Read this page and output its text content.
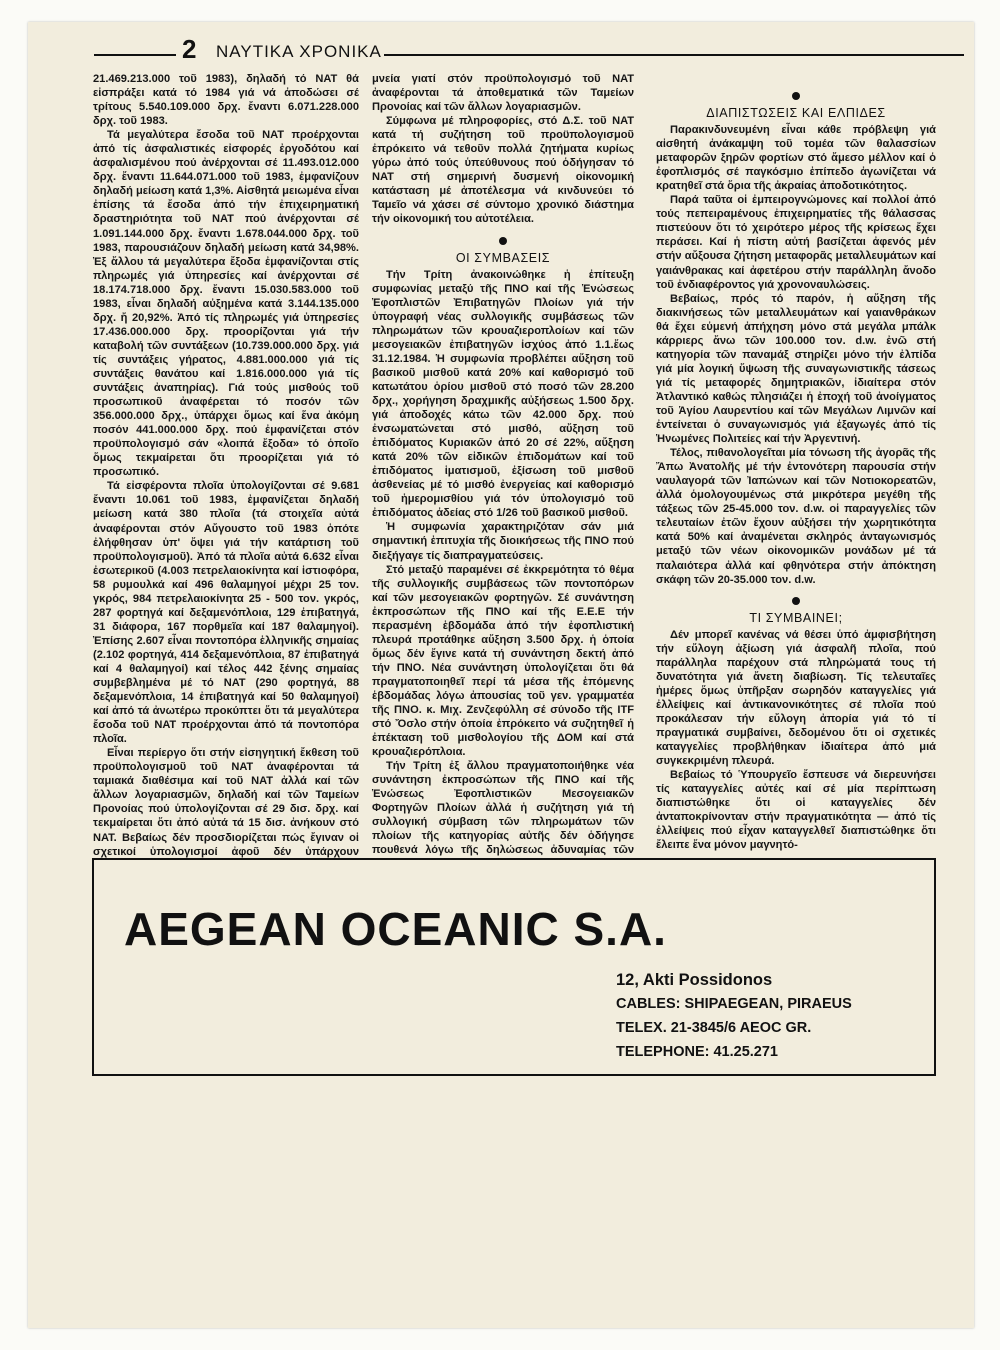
2 ΝΑΥΤΙΚΑ ΧΡΟΝΙΚΑ

21.469.213.000 τοῦ 1983), δηλαδή τό ΝΑΤ θά εἰσπράξει κατά τό 1984 γιά νά ἀποδώσει σέ τρίτους 5.540.109.000 δρχ. ἔναντι 6.071.228.000 δρχ. τοῦ 1983.

Τά μεγαλύτερα ἔσοδα τοῦ ΝΑΤ προέρχονται ἀπό τίς ἀσφαλιστικές εἰσφορές ἐργοδότου καί ἀσφαλισμένου πού ἀνέρχονται σέ 11.493.012.000 δρχ. ἔναντι 11.644.071.000 τοῦ 1983, ἐμφανίζουν δηλαδή μείωση κατά 1,3%. Αἰσθητά μειωμένα εἶναι ἐπίσης τά ἔσοδα ἀπό τήν ἐπιχειρηματική δραστηριότητα τοῦ ΝΑΤ πού ἀνέρχονται σέ 1.091.144.000 δρχ. ἔναντι 1.678.044.000 δρχ. τοῦ 1983, παρουσιάζουν δηλαδή μείωση κατά 34,98%. Ἐξ ἄλλου τά μεγαλύτερα ἔξοδα ἐμφανίζονται στίς πληρωμές γιά ὑπηρεσίες καί ἀνέρχονται σέ 18.174.718.000 δρχ. ἔναντι 15.030.583.000 τοῦ 1983, εἶναι δηλαδή αὐξημένα κατά 3.144.135.000 δρχ. ἤ 20,92%. Ἀπό τίς πληρωμές γιά ὑπηρεσίες 17.436.000.000 δρχ. προορίζονται γιά τήν καταβολή τῶν συντάξεων (10.739.000.000 δρχ. γιά τίς συντάξεις γήρατος, 4.881.000.000 γιά τίς συντάξεις θανάτου καί 1.816.000.000 γιά τίς συντάξεις ἀναπηρίας). Γιά τούς μισθούς τοῦ προσωπικοῦ ἀναφέρεται τό ποσόν τῶν 356.000.000 δρχ., ὑπάρχει ὅμως καί ἕνα ἀκόμη ποσόν 441.000.000 δρχ. πού ἐμφανίζεται στόν προϋπολογισμό σάν «λοιπά ἔξοδα» τό ὁποῖο ὅμως τεκμαίρεται ὅτι προορίζεται γιά τό προσωπικό.

Τά εἰσφέροντα πλοῖα ὑπολογίζονται σέ 9.681 ἔναντι 10.061 τοῦ 1983, ἐμφανίζεται δηλαδή μείωση κατά 380 πλοῖα (τά στοιχεῖα αὐτά ἀναφέρονται στόν Αὔγουστο τοῦ 1983 ὁπότε ἐλήφθησαν ὑπ' ὄψει γιά τήν κατάρτιση τοῦ προϋπολογισμοῦ). Ἀπό τά πλοῖα αὐτά 6.632 εἶναι ἐσωτερικοῦ (4.003 πετρελαιοκίνητα καί ἱστιοφόρα, 58 ρυμουλκά καί 496 θαλαμηγοί μέχρι 25 τον. γκρός, 984 πετρελαιοκίνητα 25 - 500 τον. γκρός, 287 φορτηγά καί δεξαμενόπλοια, 129 ἐπιβατηγά, 31 διάφορα, 167 πορθμεῖα καί 187 θαλαμηγοί). Ἐπίσης 2.607 εἶναι ποντοπόρα ἑλληνικῆς σημαίας (2.102 φορτηγά, 414 δεξαμενόπλοια, 87 ἐπιβατηγά καί 4 θαλαμηγοί) καί τέλος 442 ξένης σημαίας συμβεβλημένα μέ τό ΝΑΤ (290 φορτηγά, 88 δεξαμενόπλοια, 14 ἐπιβατηγά καί 50 θαλαμηγοί) καί ἀπό τά ἀνωτέρω προκύπτει ὅτι τά μεγαλύτερα ἔσοδα τοῦ ΝΑΤ προέρχονται ἀπό τά ποντοπόρα πλοῖα.

Εἶναι περίεργο ὅτι στήν εἰσηγητική ἔκθεση τοῦ προϋπολογισμοῦ τοῦ ΝΑΤ ἀναφέρονται τά ταμιακά διαθέσιμα καί τοῦ ΝΑΤ ἀλλά καί τῶν ἄλλων λογαριασμῶν, δηλαδή καί τῶν Ταμείων Προνοίας πού ὑπολογίζονται σέ 29 δισ. δρχ. καί τεκμαίρεται ὅτι ἀπό αὐτά τά 15 δισ. ἀνήκουν στό ΝΑΤ. Βεβαίως δέν προσδιορίζεται πώς ἔγιναν οἱ σχετικοί ὑπολογισμοί ἀφοῦ δέν ὑπάρχουν

μνεία γιατί στόν προϋπολογισμό τοῦ ΝΑΤ ἀναφέρονται τά ἀποθεματικά τῶν Ταμείων Προνοίας καί τῶν ἄλλων λογαριασμῶν.

Σύμφωνα μέ πληροφορίες, στό Δ.Σ. τοῦ ΝΑΤ κατά τή συζήτηση τοῦ προϋπολογισμοῦ ἐπρόκειτο νά τεθοῦν πολλά ζητήματα κυρίως γύρω ἀπό τούς ὑπεύθυνους πού ὁδήγησαν τό ΝΑΤ στή σημερινή δυσμενή οἰκονομική κατάσταση μέ ἀποτέλεσμα νά κινδυνεύει τό Ταμεῖο νά χάσει σέ σύντομο χρονικό διάστημα τήν οἰκονομική του αὐτοτέλεια.

ΟΙ ΣΥΜΒΑΣΕΙΣ

Τήν Τρίτη ἀνακοινώθηκε ἡ ἐπίτευξη συμφωνίας μεταξύ τῆς ΠΝΟ καί τῆς Ἑνώσεως Ἐφοπλιστῶν Ἐπιβατηγῶν Πλοίων γιά τήν ὑπογραφή νέας συλλογικῆς συμβάσεως τῶν πληρωμάτων τῶν κρουαζιεροπλοίων καί τῶν μεσογειακῶν ἐπιβατηγῶν ἰσχύος ἀπό 1.1.ἕως 31.12.1984. Ἡ συμφωνία προβλέπει αὔξηση τοῦ βασικοῦ μισθοῦ κατά 20% καί καθορισμό τοῦ κατωτάτου ὁρίου μισθοῦ στό ποσό τῶν 28.200 δρχ., χορήγηση δραχμικῆς αὐξήσεως 1.500 δρχ. γιά ἀποδοχές κάτω τῶν 42.000 δρχ. πού ἐνσωματώνεται στό μισθό, αὔξηση τοῦ ἐπιδόματος Κυριακῶν ἀπό 20 σέ 22%, αὔξηση κατά 20% τῶν εἰδικῶν ἐπιδομάτων καί τοῦ ἐπιδόματος ἱματισμοῦ, ἐξίσωση τοῦ μισθοῦ ἀσθενείας μέ τό μισθό ἐνεργείας καί καθορισμό τοῦ ἡμερομισθίου γιά τόν ὑπολογισμό τοῦ ἐπιδόματος ἀδείας στό 1/26 τοῦ βασικοῦ μισθοῦ.

Ἡ συμφωνία χαρακτηριζόταν σάν μιά σημαντική ἐπιτυχία τῆς διοικήσεως τῆς ΠΝΟ πού διεξήγαγε τίς διαπραγματεύσεις.

Στό μεταξύ παραμένει σέ ἐκκρεμότητα τό θέμα τῆς συλλογικῆς συμβάσεως τῶν ποντοπόρων καί τῶν μεσογειακῶν φορτηγῶν. Σέ συνάντηση ἐκπροσώπων τῆς ΠΝΟ καί τῆς Ε.Ε.Ε τήν περασμένη ἑβδομάδα ἀπό τήν ἐφοπλιστική πλευρά προτάθηκε αὔξηση 3.500 δρχ. ἡ ὁποία ὅμως δέν ἔγινε κατά τή συνάντηση δεκτή ἀπό τήν ΠΝΟ. Νέα συνάντηση ὑπολογίζεται ὅτι θά πραγματοποιηθεῖ περί τά μέσα τῆς ἑπόμενης ἑβδομάδας λόγω ἀπουσίας τοῦ γεν. γραμματέα τῆς ΠΝΟ. κ. Μιχ. Ζενζεφύλλη σέ σύνοδο τῆς ITF στό Ὄσλο στήν ὁποία ἐπρόκειτο νά συζητηθεῖ ἡ ἐπέκταση τοῦ μισθολογίου τῆς ΔΟΜ καί στά κρουαζιερόπλοια.

Τήν Τρίτη ἐξ ἄλλου πραγματοποιήθηκε νέα συνάντηση ἐκπροσώπων τῆς ΠΝΟ καί τῆς Ἑνώσεως Ἐφοπλιστικῶν Μεσογειακῶν Φορτηγῶν Πλοίων ἀλλά ἡ συζήτηση γιά τή συλλογική σύμβαση τῶν πληρωμάτων τῶν πλοίων τῆς κατηγορίας αὐτῆς δέν ὁδήγησε πουθενά λόγω τῆς δηλώσεως ἀδυναμίας τῶν

ΔΙΑΠΙΣΤΩΣΕΙΣ ΚΑΙ ΕΛΠΙΔΕΣ

Παρακινδυνευμένη εἶναι κάθε πρόβλεψη γιά αἰσθητή ἀνάκαμψη τοῦ τομέα τῶν θαλασσίων μεταφορῶν ξηρῶν φορτίων στό ἄμεσο μέλλον καί ὁ ἐφοπλισμός σέ παγκόσμιο ἐπίπεδο ἀγωνίζεται νά κρατηθεῖ στά ὅρια τῆς ἀκραίας ἀποδοτικότητος.

Παρά ταῦτα οἱ ἐμπειρογνώμονες καί πολλοί ἀπό τούς πεπειραμένους ἐπιχειρηματίες τῆς θάλασσας πιστεύουν ὅτι τό χειρότερο μέρος τῆς κρίσεως ἔχει περάσει. Καί ἡ πίστη αὐτή βασίζεται ἀφενός μέν στήν αὔξουσα ζήτηση μεταφορᾶς μεταλλευμάτων καί γαιάνθρακας καί ἀφετέρου στήν παράλληλη ἄνοδο τοῦ ἐνδιαφέροντος γιά χρονοναυλώσεις.

Βεβαίως, πρός τό παρόν, ἡ αὔξηση τῆς διακινήσεως τῶν μεταλλευμάτων καί γαιανθράκων θά ἔχει εὐμενή ἀπήχηση μόνο στά μεγάλα μπάλκ κάρριερς ἄνω τῶν 100.000 τον. d.w. ἐνῶ στή κατηγορία τῶν παναμάξ στηρίζει μόνο τήν ἐλπίδα γιά μία λογική ὕψωση τῆς συναγωνιστικῆς τάσεως γιά τίς μεταφορές δημητριακῶν, ἰδιαίτερα στόν Ἀτλαντικό καθώς πλησιάζει ἡ ἐποχή τοῦ ἀνοίγματος τοῦ Ἁγίου Λαυρεντίου καί τῶν Μεγάλων Λιμνῶν καί ἐντείνεται ὁ συναγωνισμός γιά ἐξαγωγές ἀπό τίς Ἡνωμένες Πολιτείες καί τήν Ἀργεντινή.

Τέλος, πιθανολογεῖται μία τόνωση τῆς ἀγορᾶς τῆς Ἄπω Ἀνατολῆς μέ τήν ἐντονότερη παρουσία στήν ναυλαγορά τῶν Ἰαπώνων καί τῶν Νοτιοκορεατῶν, ἀλλά ὁμολογουμένως στά μικρότερα μεγέθη τῆς τάξεως τῶν 25-45.000 τον. d.w. οἱ παραγγελίες τῶν τελευταίων ἐτῶν ἔχουν αὐξήσει τήν χωρητικότητα κατά 50% καί ἀναμένεται σκληρός ἀνταγωνισμός μεταξύ τῶν νέων οἰκονομικῶν μονάδων μέ τά παλαιότερα ἀλλά καί φθηνότερα στήν ἀπόκτηση σκάφη τῶν 20-35.000 τον. d.w.

ΤΙ ΣΥΜΒΑΙΝΕΙ;

Δέν μπορεῖ κανένας νά θέσει ὑπό ἀμφισβήτηση τήν εὔλογη ἀξίωση γιά ἀσφαλῆ πλοῖα, πού παράλληλα παρέχουν στά πληρώματά τους τή δυνατότητα γιά ἄνετη διαβίωση. Τίς τελευταῖες ἡμέρες ὅμως ὑπῆρξαν σωρηδόν καταγγελίες γιά ἐλλείψεις καί ἀντικανονικότητες σέ πλοῖα πού προκάλεσαν τήν εὔλογη ἀπορία γιά τό τί πραγματικά συμβαίνει, δεδομένου ὅτι οἱ σχετικές καταγγελίες προβλήθηκαν ἰδιαίτερα ἀπό μιά συγκεκριμένη πλευρά.

Βεβαίως τό Ὑπουργεῖο ἔσπευσε νά διερευνήσει τίς καταγγελίες αὐτές καί σέ μία περίπτωση διαπιστώθηκε ὅτι οἱ καταγγελίες δέν ἀνταποκρίνονταν στήν πραγματικότητα — ἀπό τίς ἐλλείψεις πού εἶχαν καταγγελθεῖ διαπιστώθηκε ὅτι ἔλειπε ἕνα μόνον μαγνητό-

AEGEAN OCEANIC S.A.
12, Akti Possidonos
CABLES: SHIPAEGEAN, PIRAEUS
TELEX. 21-3845/6 AEOC GR.
TELEPHONE: 41.25.271
